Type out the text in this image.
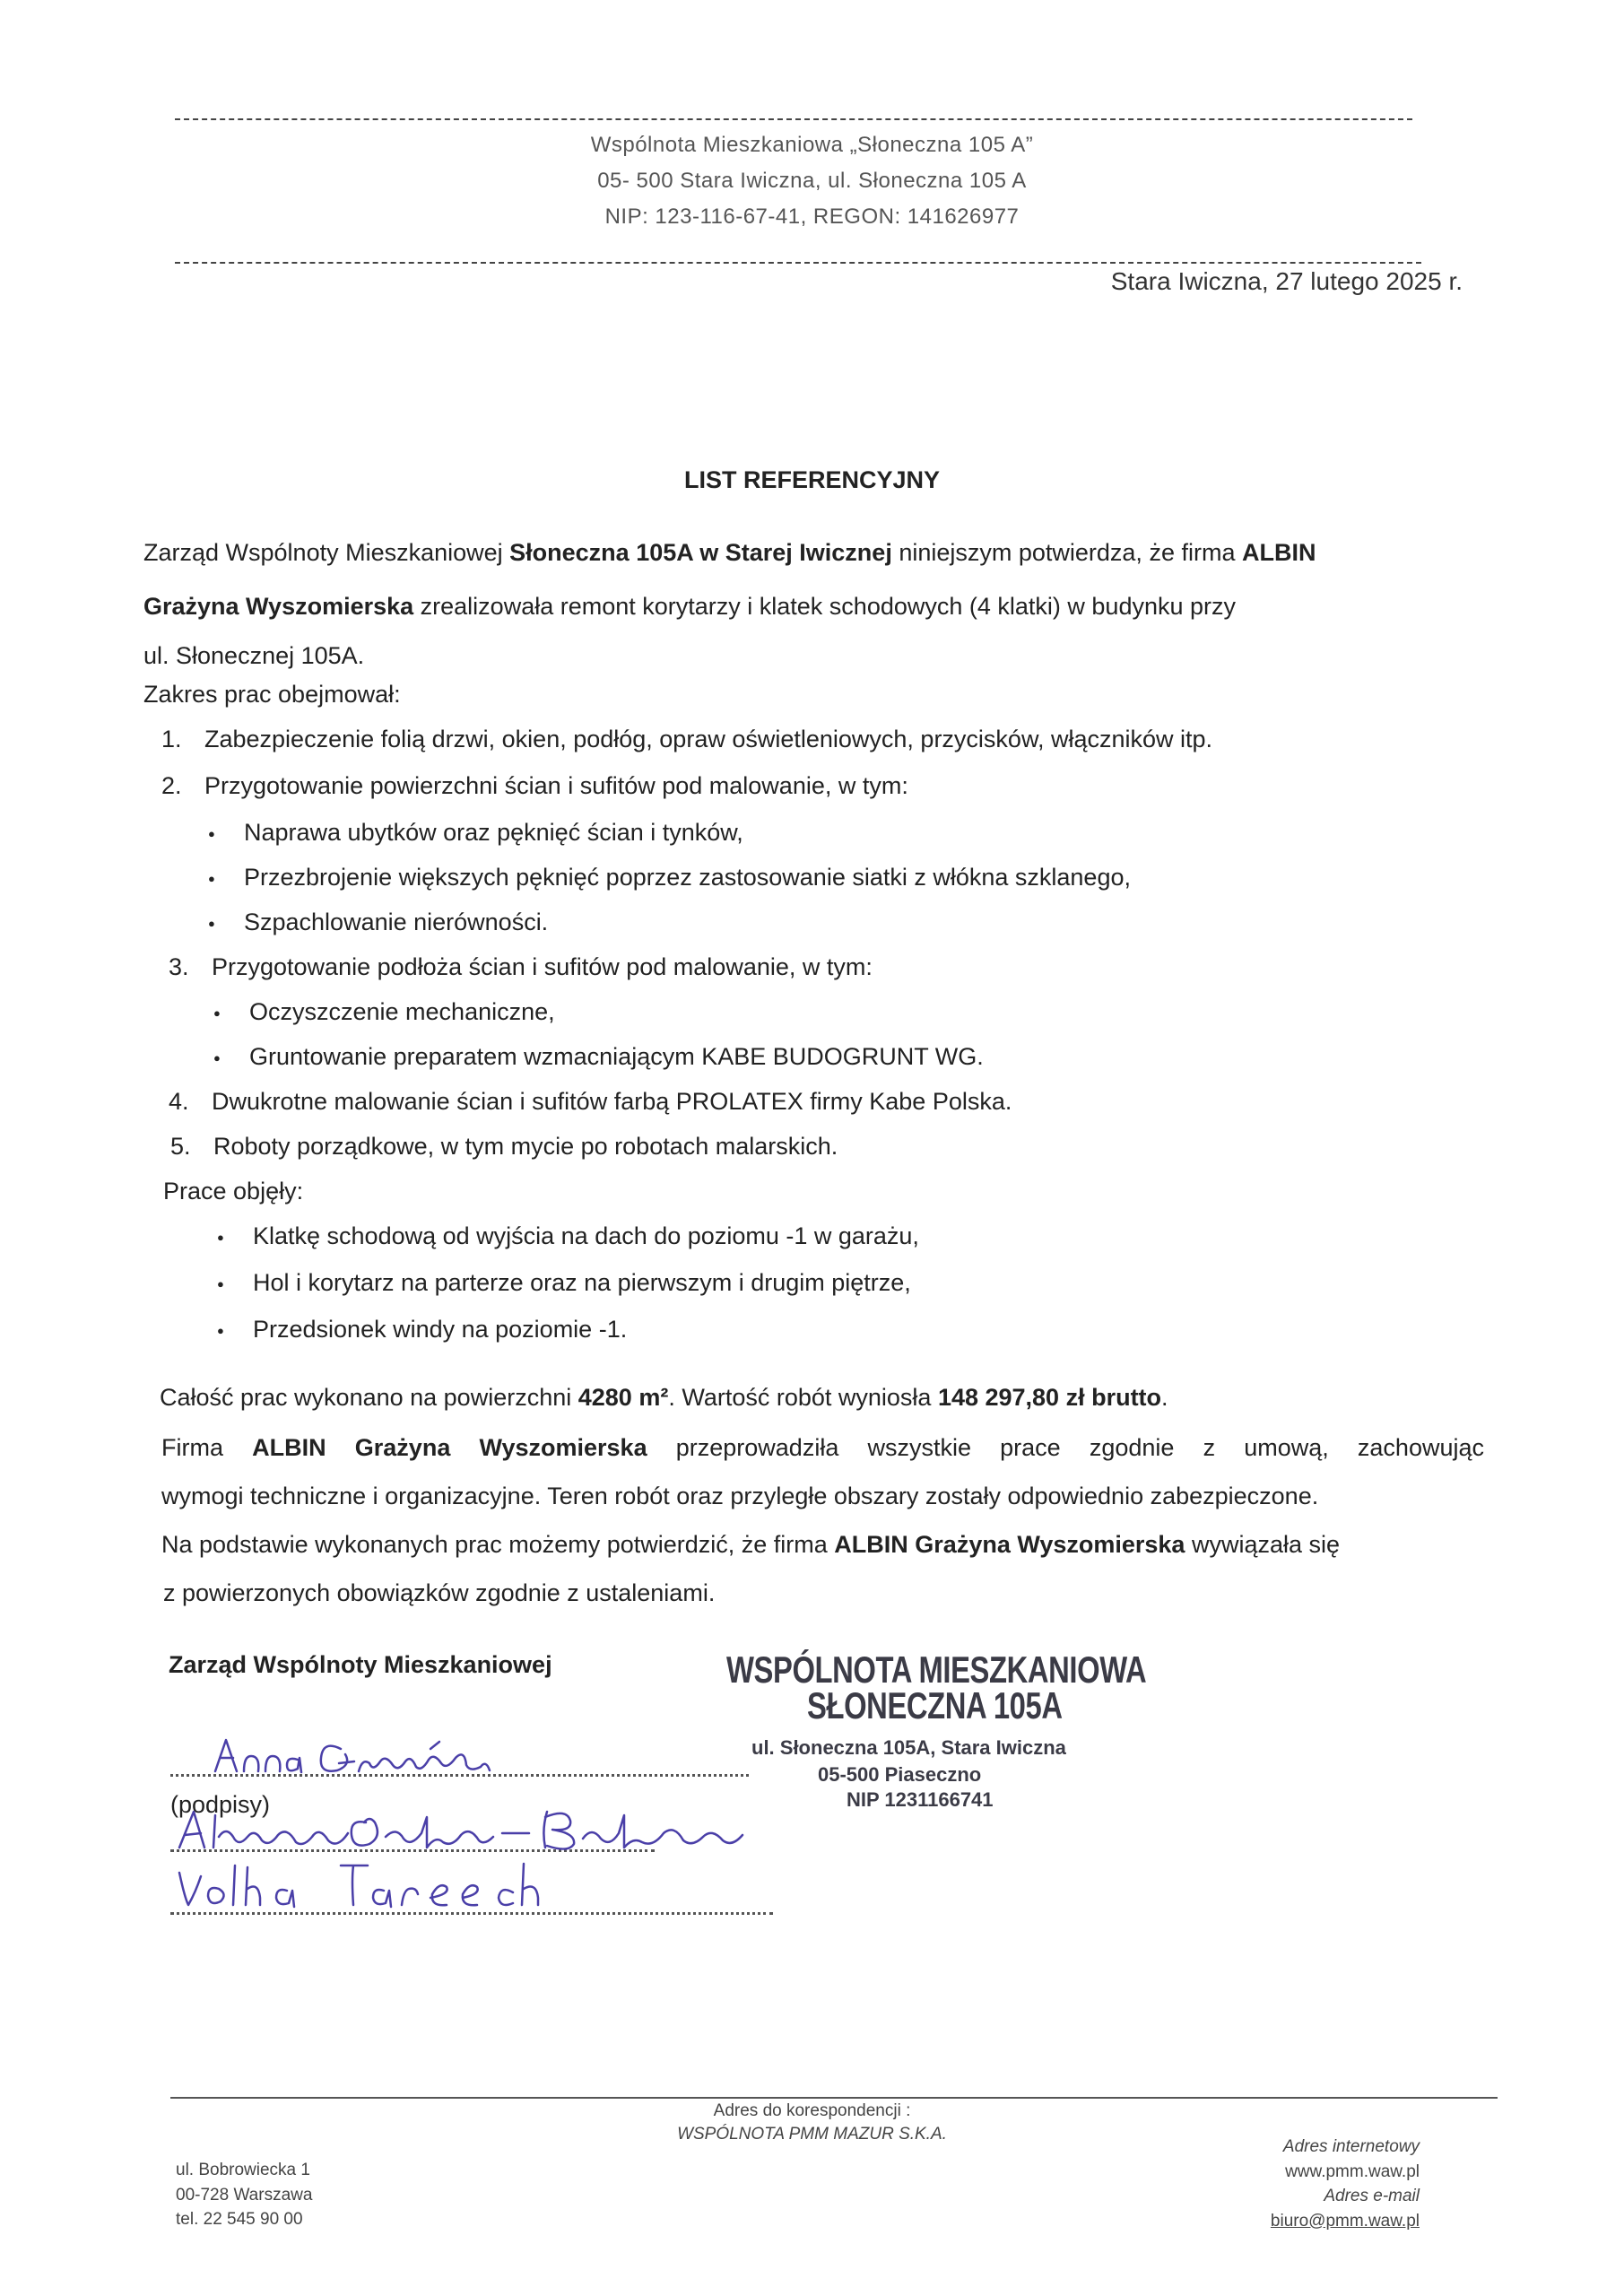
Wspólnota Mieszkaniowa „Słoneczna 105 A”
05- 500 Stara Iwiczna, ul. Słoneczna 105 A
NIP: 123-116-67-41, REGON: 141626977
Stara Iwiczna, 27 lutego 2025 r.
LIST REFERENCYJNY
Zarząd Wspólnoty Mieszkaniowej Słoneczna 105A w Starej Iwicznej niniejszym potwierdza, że firma ALBIN
Grażyna Wyszomierska zrealizowała remont korytarzy i klatek schodowych (4 klatki) w budynku przy
ul. Słonecznej 105A.
Zakres prac obejmował:
1. Zabezpieczenie folią drzwi, okien, podłóg, opraw oświetleniowych, przycisków, włączników itp.
2. Przygotowanie powierzchni ścian i sufitów pod malowanie, w tym:
● Naprawa ubytków oraz pęknięć ścian i tynków,
● Przezbrojenie większych pęknięć poprzez zastosowanie siatki z włókna szklanego,
● Szpachlowanie nierówności.
3. Przygotowanie podłoża ścian i sufitów pod malowanie, w tym:
● Oczyszczenie mechaniczne,
● Gruntowanie preparatem wzmacniającym KABE BUDOGRUNT WG.
4. Dwukrotne malowanie ścian i sufitów farbą PROLATEX firmy Kabe Polska.
5. Roboty porządkowe, w tym mycie po robotach malarskich.
Prace objęły:
● Klatkę schodową od wyjścia na dach do poziomu -1 w garażu,
● Hol i korytarz na parterze oraz na pierwszym i drugim piętrze,
● Przedsionek windy na poziomie -1.
Całość prac wykonano na powierzchni 4280 m². Wartość robót wyniosła 148 297,80 zł brutto.
Firma ALBIN Grażyna Wyszomierska przeprowadziła wszystkie prace zgodnie z umową, zachowując
wymogi techniczne i organizacyjne. Teren robót oraz przyległe obszary zostały odpowiednio zabezpieczone.
Na podstawie wykonanych prac możemy potwierdzić, że firma ALBIN Grażyna Wyszomierska wywiązała się
z powierzonych obowiązków zgodnie z ustaleniami.
Zarząd Wspólnoty Mieszkaniowej
(podpisy)
WSPÓLNOTA MIESZKANIOWA
SŁONECZNA 105A
ul. Słoneczna 105A, Stara Iwiczna
05-500 Piaseczno
NIP 1231166741
Adres do korespondencji :
WSPÓLNOTA PMM MAZUR S.K.A.
ul. Bobrowiecka 1
00-728 Warszawa
tel. 22 545 90 00
Adres internetowy
www.pmm.waw.pl
Adres e-mail
biuro@pmm.waw.pl
